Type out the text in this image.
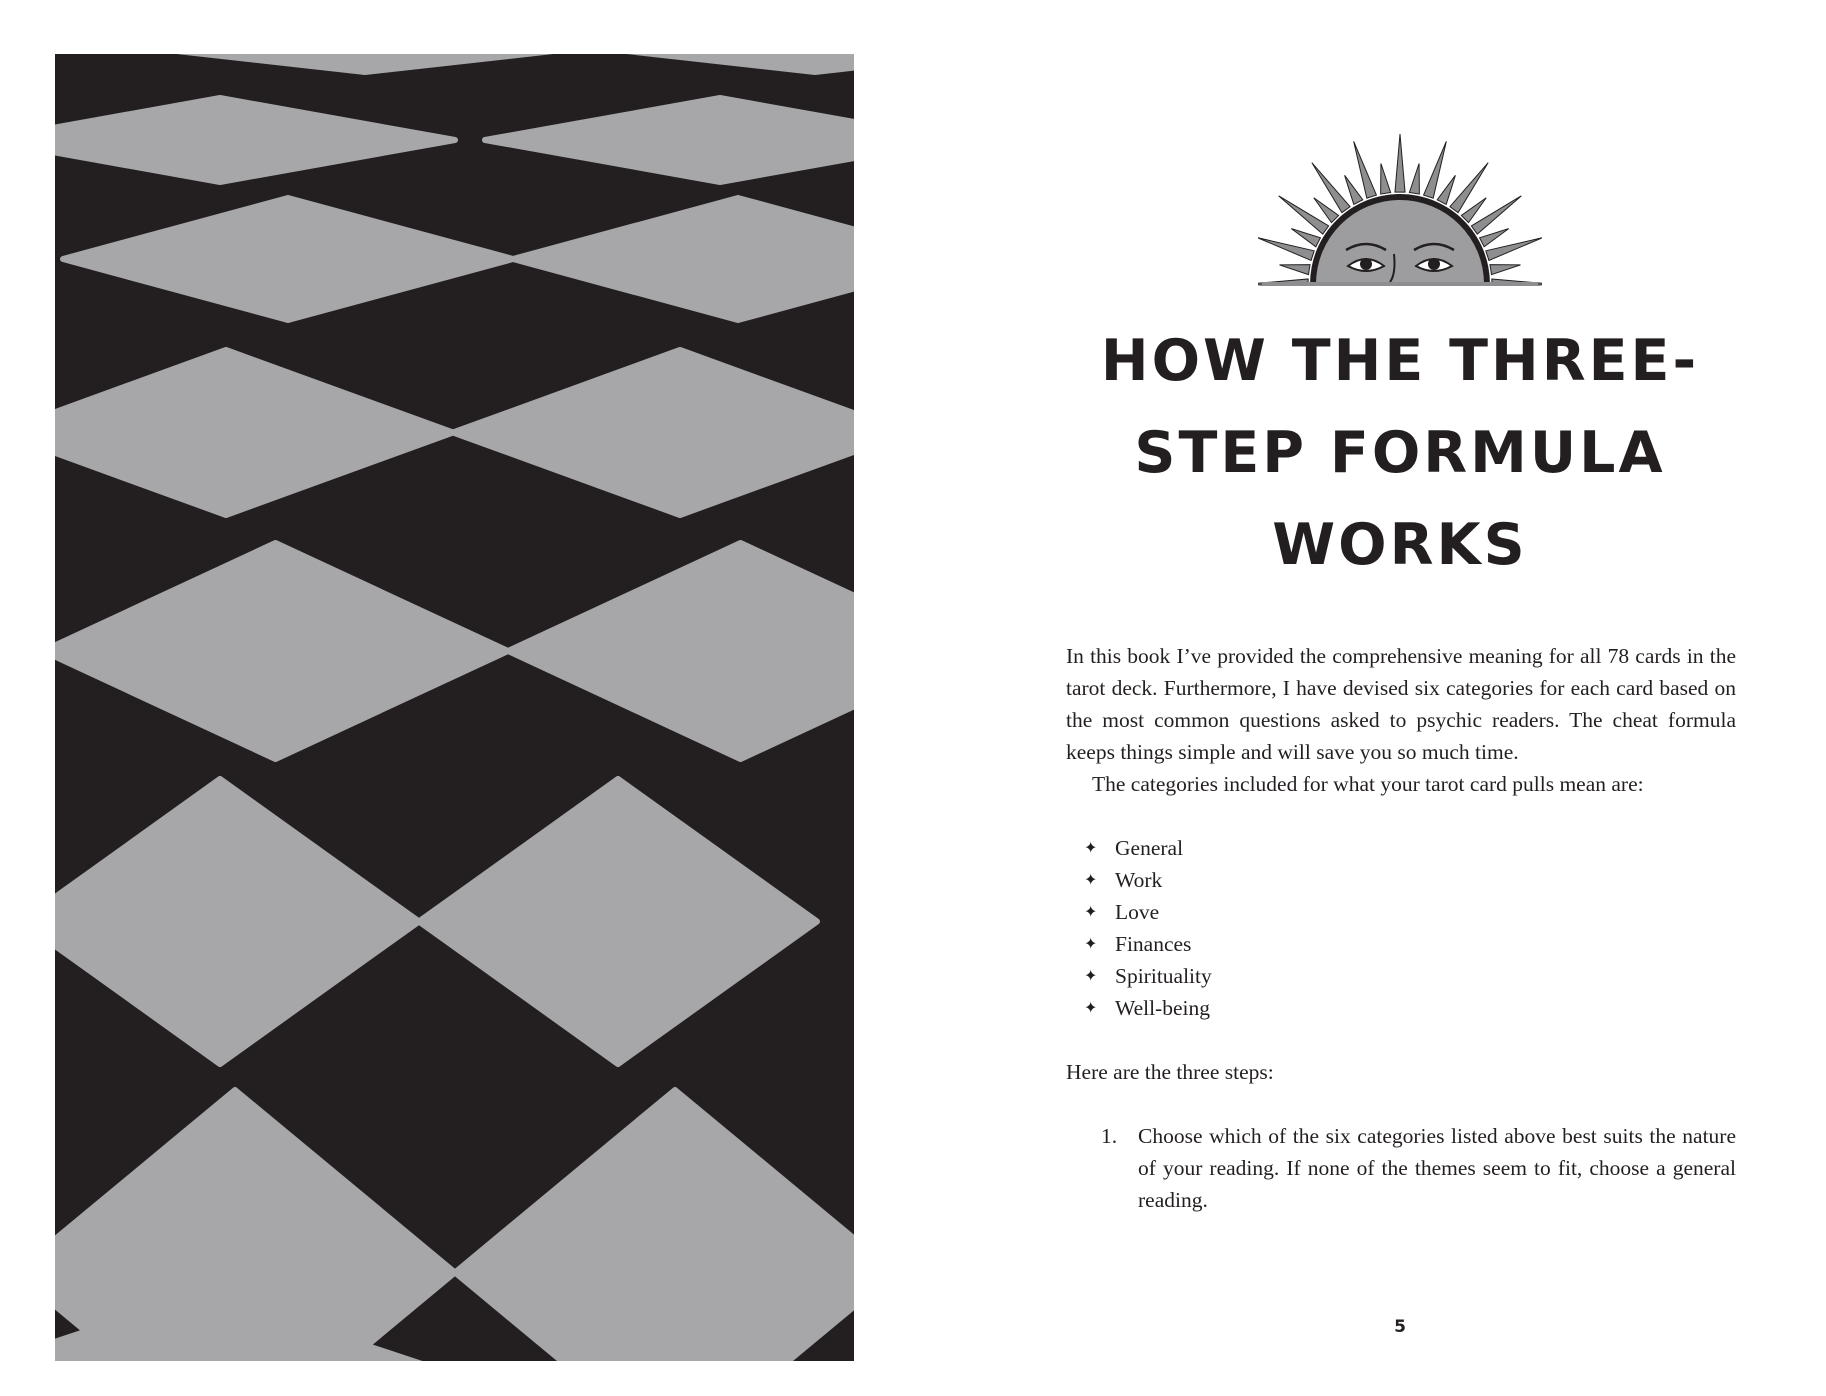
HOW THE THREE-
STEP FORMULA
WORKS

In this book I’ve provided the comprehensive meaning for all 78 cards in the tarot deck. Furthermore, I have devised six categories for each card based on the most common questions asked to psychic readers. The cheat formula keeps things simple and will save you so much time.

The categories included for what your tarot card pulls mean are:

✦ General
✦ Work
✦ Love
✦ Finances
✦ Spirituality
✦ Well-being

Here are the three steps:

1. Choose which of the six categories listed above best suits the nature of your reading. If none of the themes seem to fit, choose a general reading.
5
